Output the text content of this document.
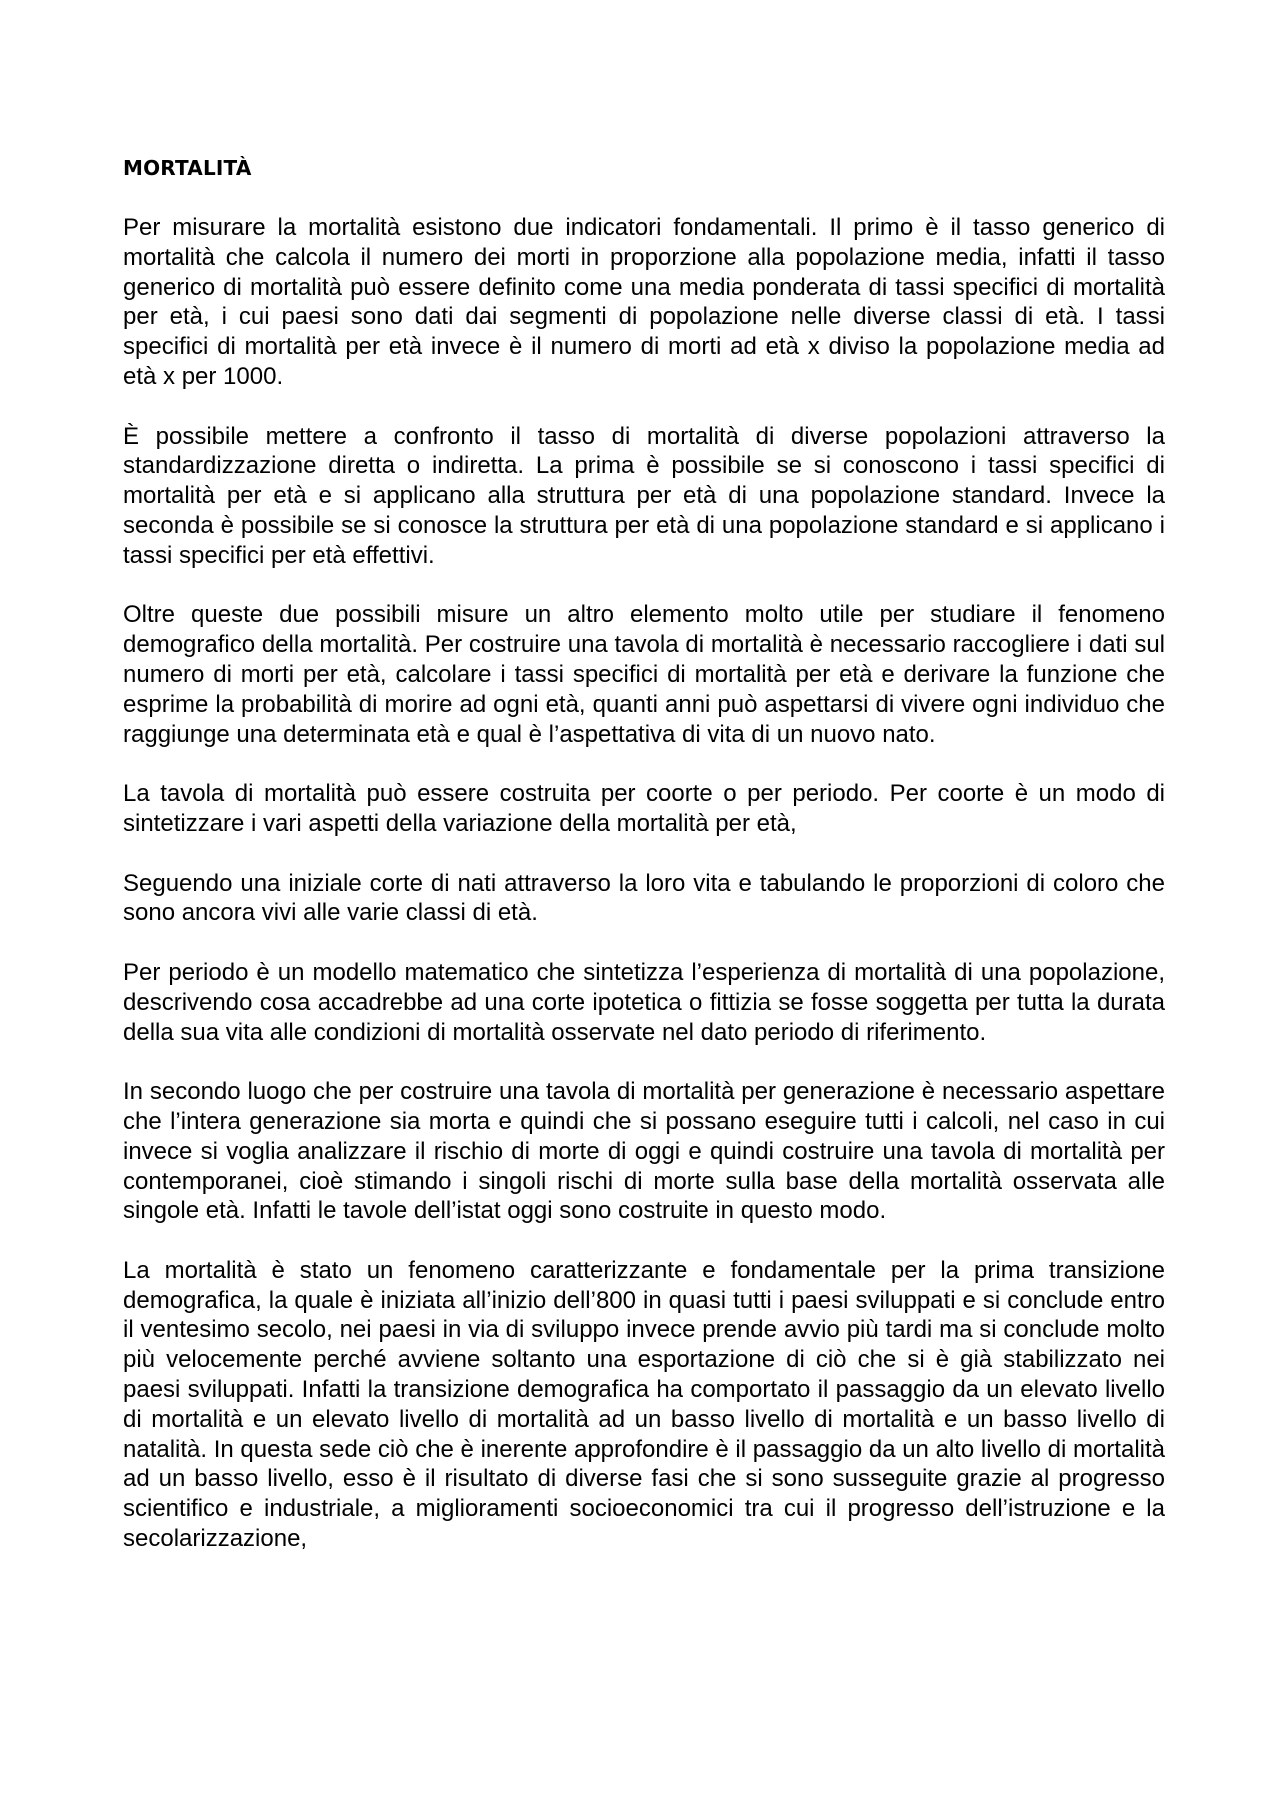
MORTALITÀ

Per misurare la mortalità esistono due indicatori fondamentali. Il primo è il tasso generico di mortalità che calcola il numero dei morti in proporzione alla popolazione media, infatti il tasso generico di mortalità può essere definito come una media ponderata di tassi specifici di mortalità per età, i cui paesi sono dati dai segmenti di popolazione nelle diverse classi di età. I tassi specifici di mortalità per età invece è il numero di morti ad età x diviso la popolazione media ad età x per 1000.

È possibile mettere a confronto il tasso di mortalità di diverse popolazioni attraverso la standardizzazione diretta o indiretta. La prima è possibile se si conoscono i tassi specifici di mortalità per età e si applicano alla struttura per età di una popolazione standard. Invece la seconda è possibile se si conosce la struttura per età di una popolazione standard e si applicano i tassi specifici per età effettivi.

Oltre queste due possibili misure un altro elemento molto utile per studiare il fenomeno demografico della mortalità. Per costruire una tavola di mortalità è necessario raccogliere i dati sul numero di morti per età, calcolare i tassi specifici di mortalità per età e derivare la funzione che esprime la probabilità di morire ad ogni età, quanti anni può aspettarsi di vivere ogni individuo che raggiunge una determinata età e qual è l’aspettativa di vita di un nuovo nato.

La tavola di mortalità può essere costruita per coorte o per periodo. Per coorte è un modo di sintetizzare i vari aspetti della variazione della mortalità per età,

Seguendo una iniziale corte di nati attraverso la loro vita e tabulando le proporzioni di coloro che sono ancora vivi alle varie classi di età.

Per periodo è un modello matematico che sintetizza l’esperienza di mortalità di una popolazione, descrivendo cosa accadrebbe ad una corte ipotetica o fittizia se fosse soggetta per tutta la durata della sua vita alle condizioni di mortalità osservate nel dato periodo di riferimento.

In secondo luogo che per costruire una tavola di mortalità per generazione è necessario aspettare che l’intera generazione sia morta e quindi che si possano eseguire tutti i calcoli, nel caso in cui invece si voglia analizzare il rischio di morte di oggi e quindi costruire una tavola di mortalità per contemporanei, cioè stimando i singoli rischi di morte sulla base della mortalità osservata alle singole età. Infatti le tavole dell’istat oggi sono costruite in questo modo.

La mortalità è stato un fenomeno caratterizzante e fondamentale per la prima transizione demografica, la quale è iniziata all’inizio dell’800 in quasi tutti i paesi sviluppati e si conclude entro il ventesimo secolo, nei paesi in via di sviluppo invece prende avvio più tardi ma si conclude molto più velocemente perché avviene soltanto una esportazione di ciò che si è già stabilizzato nei paesi sviluppati. Infatti la transizione demografica ha comportato il passaggio da un elevato livello di mortalità e un elevato livello di mortalità ad un basso livello di mortalità e un basso livello di natalità. In questa sede ciò che è inerente approfondire è il passaggio da un alto livello di mortalità ad un basso livello, esso è il risultato di diverse fasi che si sono susseguite grazie al progresso scientifico e industriale, a miglioramenti socioeconomici tra cui il progresso dell’istruzione e la secolarizzazione,
